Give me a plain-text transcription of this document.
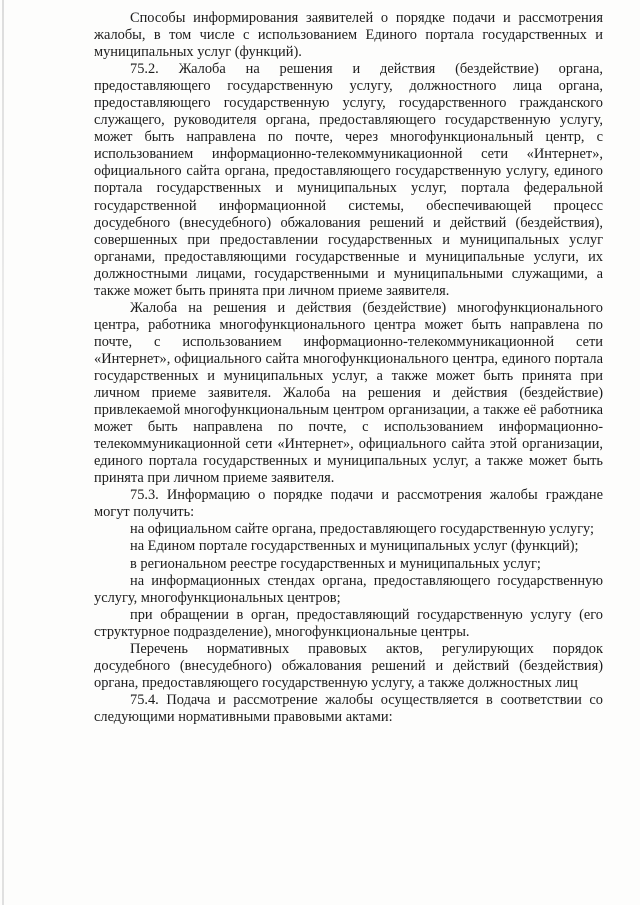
Способы информирования заявителей о порядке подачи и рассмотрения жалобы, в том числе с использованием Единого портала государственных и муниципальных услуг (функций).

75.2. Жалоба на решения и действия (бездействие) органа, предоставляющего государственную услугу, должностного лица органа, предоставляющего государственную услугу, государственного гражданского служащего, руководителя органа, предоставляющего государственную услугу, может быть направлена по почте, через многофункциональный центр, с использованием информационно-телекоммуникационной сети «Интернет», официального сайта органа, предоставляющего государственную услугу, единого портала государственных и муниципальных услуг, портала федеральной государственной информационной системы, обеспечивающей процесс досудебного (внесудебного) обжалования решений и действий (бездействия), совершенных при предоставлении государственных и муниципальных услуг органами, предоставляющими государственные и муниципальные услуги, их должностными лицами, государственными и муниципальными служащими, а также может быть принята при личном приеме заявителя.

Жалоба на решения и действия (бездействие) многофункционального центра, работника многофункционального центра может быть направлена по почте, с использованием информационно-телекоммуникационной сети «Интернет», официального сайта многофункционального центра, единого портала государственных и муниципальных услуг, а также может быть принята при личном приеме заявителя. Жалоба на решения и действия (бездействие) привлекаемой многофункциональным центром организации, а также её работника может быть направлена по почте, с использованием информационно-телекоммуникационной сети «Интернет», официального сайта этой организации, единого портала государственных и муниципальных услуг, а также может быть принята при личном приеме заявителя.

75.3. Информацию о порядке подачи и рассмотрения жалобы граждане могут получить:

на официальном сайте органа, предоставляющего государственную услугу;

на Едином портале государственных и муниципальных услуг (функций);

в региональном реестре государственных и муниципальных услуг;

на информационных стендах органа, предоставляющего государственную услугу, многофункциональных центров;

при обращении в орган, предоставляющий государственную услугу (его структурное подразделение), многофункциональные центры.

Перечень нормативных правовых актов, регулирующих порядок досудебного (внесудебного) обжалования решений и действий (бездействия) органа, предоставляющего государственную услугу, а также должностных лиц

75.4. Подача и рассмотрение жалобы осуществляется в соответствии со следующими нормативными правовыми актами:
